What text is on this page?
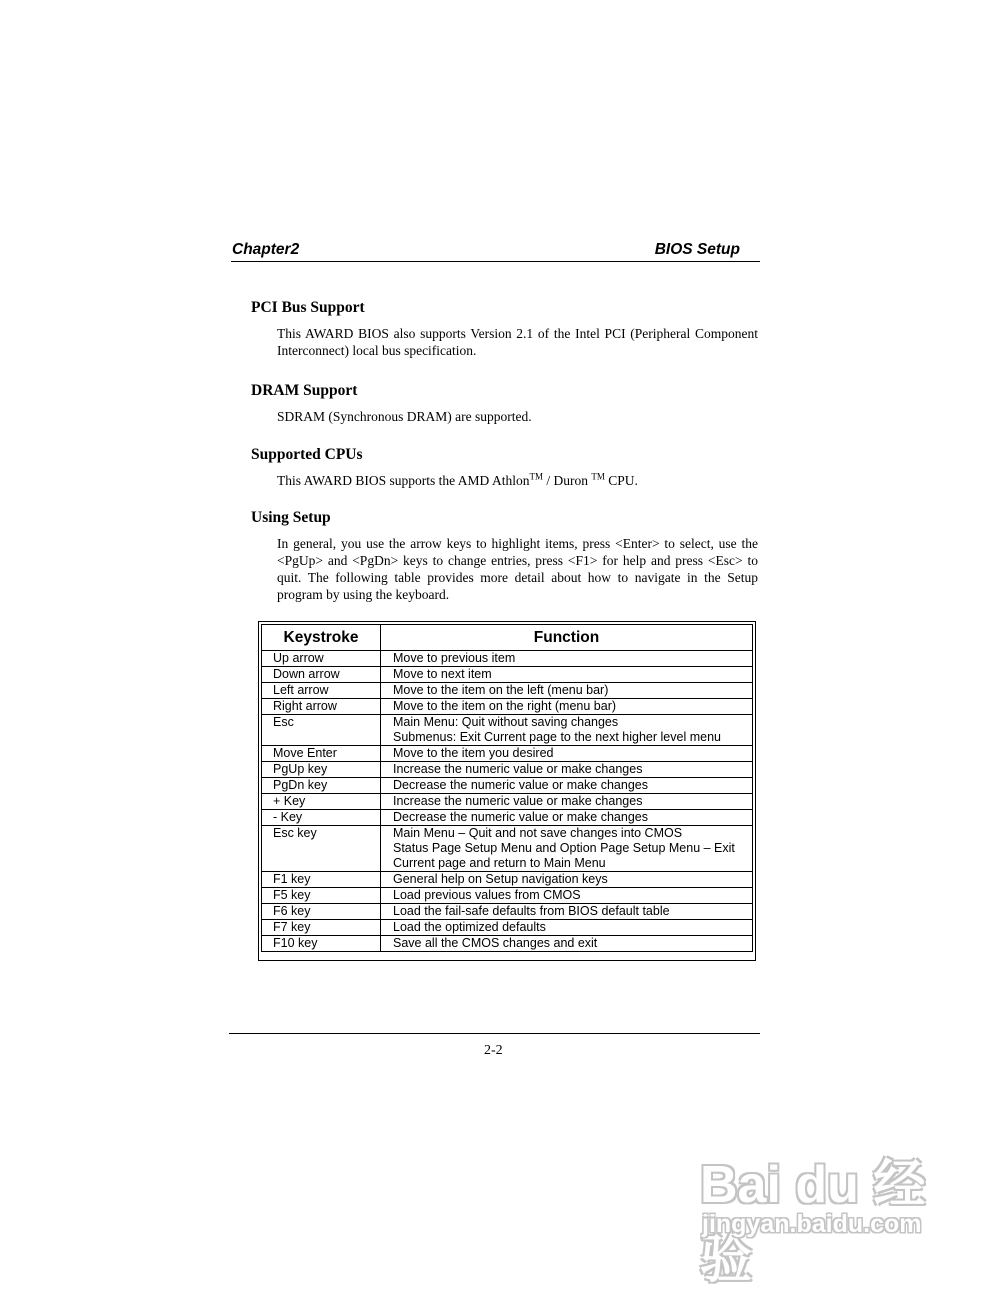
Chapter2	BIOS Setup
PCI Bus Support

This AWARD BIOS also supports Version 2.1 of the Intel PCI (Peripheral Component Interconnect) local bus specification.

DRAM Support

SDRAM (Synchronous DRAM) are supported.

Supported CPUs

This AWARD BIOS supports the AMD Athlon™ / Duron ™ CPU.

Using Setup

In general, you use the arrow keys to highlight items, press <Enter> to select, use the <PgUp> and <PgDn> keys to change entries, press <F1> for help and press <Esc> to quit. The following table provides more detail about how to navigate in the Setup program by using the keyboard.

Keystroke	Function
Up arrow	Move to previous item

Down arrow	Move to next item

Left arrow	Move to the item on the left (menu bar)

Right arrow	Move to the item on the right (menu bar)

Esc	Main Menu: Quit without saving changes
Submenus: Exit Current page to the next higher level menu

Move Enter	Move to the item you desired

PgUp key	Increase the numeric value or make changes

PgDn key	Decrease the numeric value or make changes

+ Key	Increase the numeric value or make changes

- Key	Decrease the numeric value or make changes

Esc key	Main Menu – Quit and not save changes into CMOS
Status Page Setup Menu and Option Page Setup Menu – Exit
Current page and return to Main Menu

F1 key	General help on Setup navigation keys

F5 key	Load previous values from CMOS

F6 key	Load the fail-safe defaults from BIOS default table

F7 key	Load the optimized defaults

F10 key	Save all the CMOS changes and exit
2-2
Bai du 经验
jingyan.baidu.com
